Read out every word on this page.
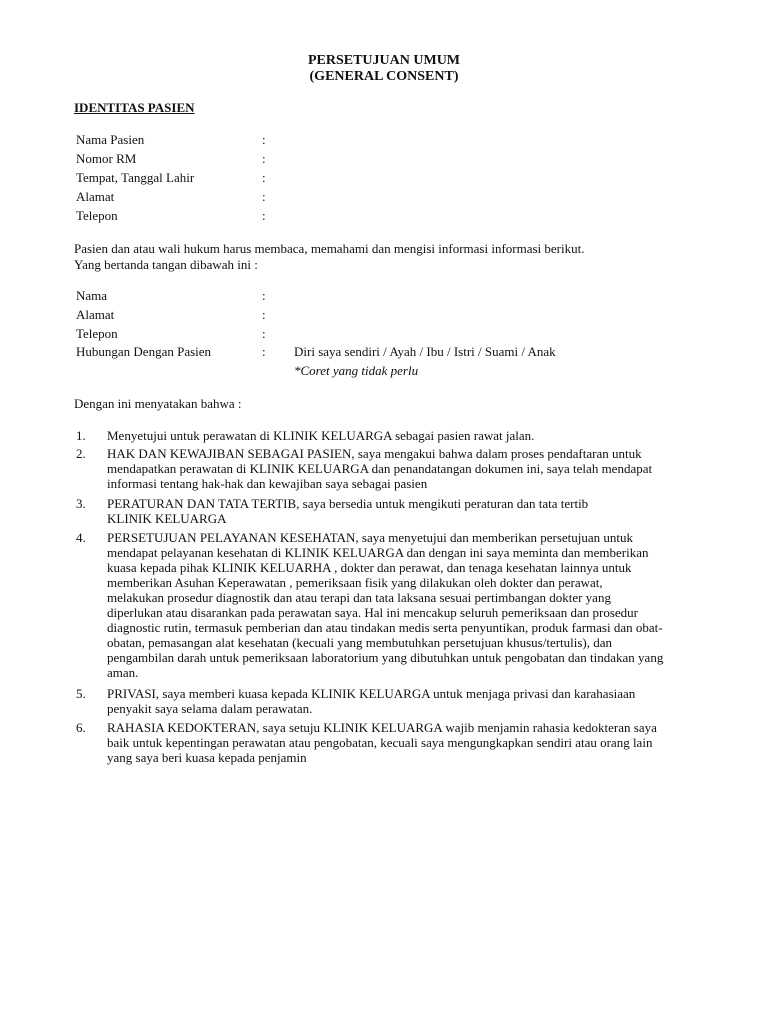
PERSETUJUAN UMUM
(GENERAL CONSENT)
IDENTITAS PASIEN
Nama Pasien	:
Nomor RM	:
Tempat, Tanggal Lahir	:
Alamat	:
Telepon	:
Pasien dan atau wali hukum harus membaca, memahami dan mengisi informasi informasi berikut.
Yang bertanda tangan dibawah ini :
Nama	:
Alamat	:
Telepon	:
Hubungan Dengan Pasien	: Diri saya sendiri / Ayah / Ibu / Istri / Suami / Anak
*Coret yang tidak perlu
Dengan ini menyatakan bahwa :
1. Menyetujui untuk perawatan di KLINIK KELUARGA sebagai pasien rawat jalan.
2. HAK DAN KEWAJIBAN SEBAGAI PASIEN, saya mengakui bahwa dalam proses pendaftaran untuk
mendapatkan perawatan di KLINIK KELUARGA dan penandatangan dokumen ini, saya telah mendapat
informasi tentang hak-hak dan kewajiban saya sebagai pasien
3. PERATURAN DAN TATA TERTIB, saya bersedia untuk mengikuti peraturan dan tata tertib
KLINIK KELUARGA
4. PERSETUJUAN PELAYANAN KESEHATAN, saya menyetujui dan memberikan persetujuan untuk
mendapat pelayanan kesehatan di KLINIK KELUARGA dan dengan ini saya meminta dan memberikan
kuasa kepada pihak KLINIK KELUARHA , dokter dan perawat, dan tenaga kesehatan lainnya untuk
memberikan Asuhan Keperawatan , pemeriksaan fisik yang dilakukan oleh dokter dan perawat,
melakukan prosedur diagnostik dan atau terapi dan tata laksana sesuai pertimbangan dokter yang
diperlukan atau disarankan pada perawatan saya. Hal ini mencakup seluruh pemeriksaan dan prosedur
diagnostic rutin, termasuk pemberian dan atau tindakan medis serta penyuntikan, produk farmasi dan obat-
obatan, pemasangan alat kesehatan (kecuali yang membutuhkan persetujuan khusus/tertulis), dan
pengambilan darah untuk pemeriksaan laboratorium yang dibutuhkan untuk pengobatan dan tindakan yang
aman.
5. PRIVASI, saya memberi kuasa kepada KLINIK KELUARGA untuk menjaga privasi dan karahasiaan
penyakit saya selama dalam perawatan.
6. RAHASIA KEDOKTERAN, saya setuju KLINIK KELUARGA wajib menjamin rahasia kedokteran saya
baik untuk kepentingan perawatan atau pengobatan, kecuali saya mengungkapkan sendiri atau orang lain
yang saya beri kuasa kepada penjamin
